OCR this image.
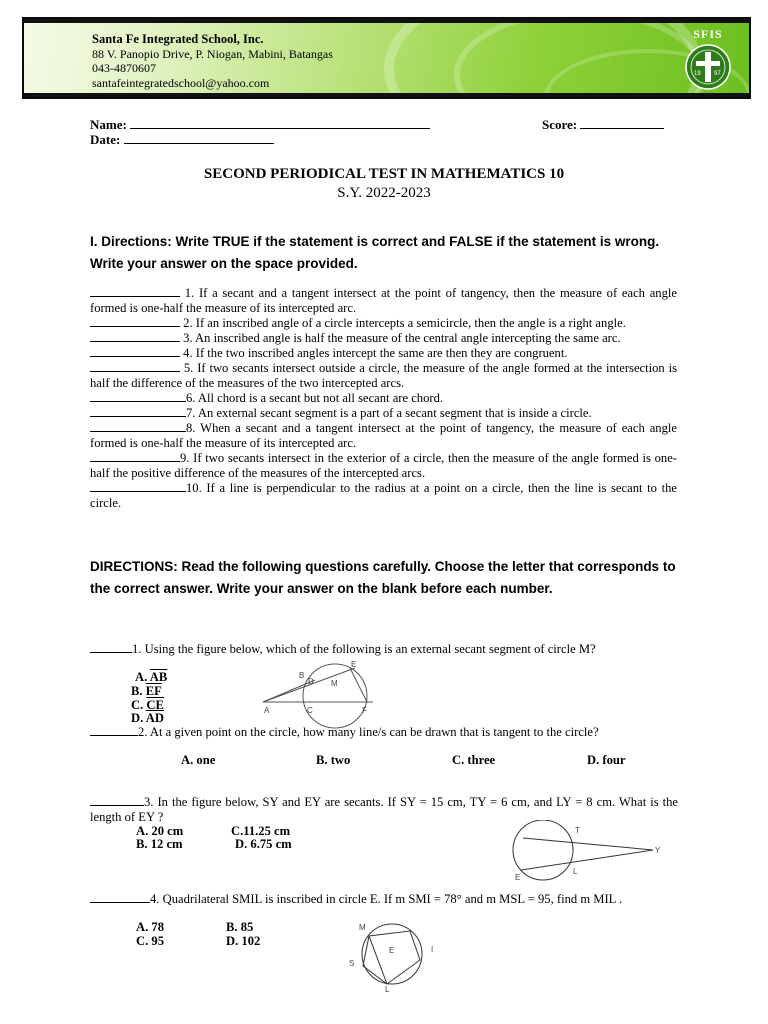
Santa Fe Integrated School, Inc.
88 V. Panopio Drive, P. Niogan, Mabini, Batangas
043-4870607
santafeintegratedschool@yahoo.com
SFIS
19 97
Name:
Date:
Score:
SECOND PERIODICAL TEST IN MATHEMATICS 10
S.Y. 2022-2023
I. Directions: Write TRUE if the statement is correct and FALSE if the statement is wrong. Write your answer on the space provided.

1. If a secant and a tangent intersect at the point of tangency, then the measure of each angle formed is one-half the measure of its intercepted arc.

2. If an inscribed angle of a circle intercepts a semicircle, then the angle is a right angle.

3. An inscribed angle is half the measure of the central angle intercepting the same arc.

4. If the two inscribed angles intercept the same are then they are congruent.

5. If two secants intersect outside a circle, the measure of the angle formed at the intersection is half the difference of the measures of the two intercepted arcs.

6. All chord is a secant but not all secant are chord.

7. An external secant segment is a part of a secant segment that is inside a circle.

8. When a secant and a tangent intersect at the point of tangency, the measure of each angle formed is one-half the measure of its intercepted arc.

9. If two secants intersect in the exterior of a circle, then the measure of the angle formed is one-half the positive difference of the measures of the intercepted arcs.

10. If a line is perpendicular to the radius at a point on a circle, then the line is secant to the circle.

DIRECTIONS: Read the following questions carefully. Choose the letter that corresponds to the correct answer. Write your answer on the blank before each number.
1. Using the figure below, which of the following is an external secant segment of circle M?
A. $\overline{AB}$
B. $\overline{EF}$
C. $\overline{CE}$
D. $\overline{AD}$
B
D M
E
A	C	F
2. At a given point on the circle, how many line/s can be drawn that is tangent to the circle?
A. one	B. two	C. three	D. four
3. In the figure below, SY and EY are secants. If SY = 15 cm, TY = 6 cm, and LY = 8 cm. What is the length of EY ?
A. 20 cm	C.11.25 cm
B. 12 cm	D. 6.75 cm
T
Y
E
L
4. Quadrilateral SMIL is inscribed in circle E. If m SMI = 78° and m MSL = 95, find m MIL .
A. 78	B. 85
C. 95	D. 102
M
E	I
S
L
